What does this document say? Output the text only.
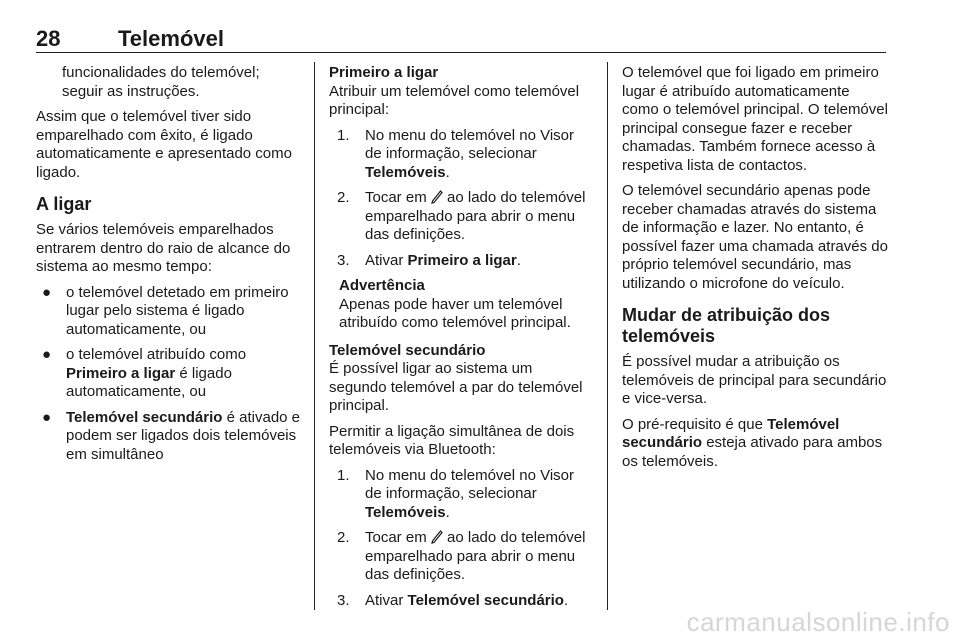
28	Telemóvel
funcionalidades do telemóvel;
seguir as instruções.

Assim que o telemóvel tiver sido emparelhado com êxito, é ligado automaticamente e apresentado como ligado.

A ligar

Se vários telemóveis emparelhados entrarem dentro do raio de alcance do sistema ao mesmo tempo:

● o telemóvel detetado em primeiro lugar pelo sistema é ligado automaticamente, ou
● o telemóvel atribuído como
Primeiro a ligar é ligado automaticamente, ou
● Telemóvel secundário é ativado e podem ser ligados dois telemóveis em simultâneo
Primeiro a ligar

Atribuir um telemóvel como telemóvel principal:

1. No menu do telemóvel no Visor de informação, selecionar
Telemóveis.
2. Tocar em  ao lado do telemóvel emparelhado para abrir o menu das definições.
3. Ativar Primeiro a ligar.
Advertência
Apenas pode haver um telemóvel atribuído como telemóvel principal.
Telemóvel secundário

É possível ligar ao sistema um segundo telemóvel a par do telemóvel principal.

Permitir a ligação simultânea de dois telemóveis via Bluetooth:

1. No menu do telemóvel no Visor de informação, selecionar
Telemóveis.
2. Tocar em  ao lado do telemóvel emparelhado para abrir o menu das definições.
3. Ativar Telemóvel secundário.

O telemóvel que foi ligado em primeiro lugar é atribuído automaticamente como o telemóvel principal. O telemóvel principal consegue fazer e receber chamadas. Também fornece acesso à respetiva lista de contactos.

O telemóvel secundário apenas pode receber chamadas através do sistema de informação e lazer. No entanto, é possível fazer uma chamada através do próprio telemóvel secundário, mas utilizando o microfone do veículo.

Mudar de atribuição dos telemóveis

É possível mudar a atribuição os telemóveis de principal para secundário e vice-versa.

O pré-requisito é que Telemóvel secundário esteja ativado para ambos os telemóveis.

carmanualsonline.info
